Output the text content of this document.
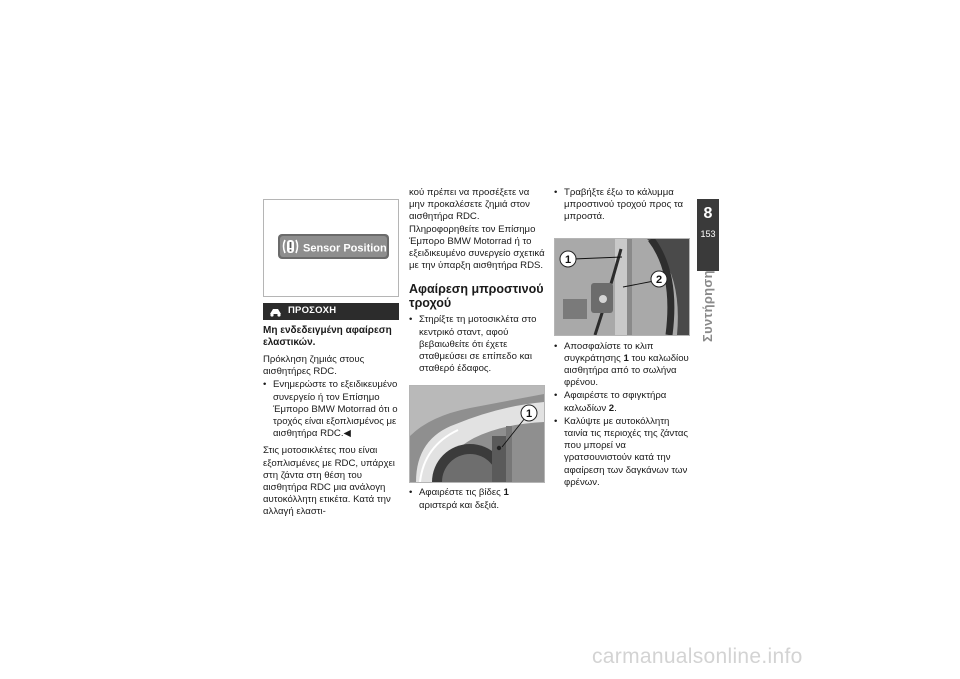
Sensor Position
ΠΡΟΣΟΧΗ

Μη ενδεδειγμένη αφαίρεση ελαστικών.

Πρόκληση ζημιάς στους αισθητήρες RDC.

• Ενημερώστε το εξειδικευμένο συνεργείο ή τον Επίσημο Έμπορο BMW Motorrad ότι ο τροχός είναι εξοπλισμένος με αισθητήρα RDC.◀

Στις μοτοσικλέτες που είναι εξοπλισμένες με RDC, υπάρχει στη ζάντα στη θέση του αισθητήρα RDC μια ανάλογη αυτοκόλλητη ετικέτα. Κατά την αλλαγή ελαστι-

κού πρέπει να προσέξετε να μην προκαλέσετε ζημιά στον αισθητήρα RDC. Πληροφορηθείτε τον Επίσημο Έμπορο BMW Motorrad ή το εξειδικευμένο συνεργείο σχετικά με την ύπαρξη αισθητήρα RDS.

Αφαίρεση μπροστινού τροχού
• Στηρίξτε τη μοτοσικλέτα στο κεντρικό σταντ, αφού βεβαιωθείτε ότι έχετε σταθμεύσει σε επίπεδο και σταθερό έδαφος.
1
• Αφαιρέστε τις βίδες 1 αριστερά και δεξιά.
• Τραβήξτε έξω το κάλυμμα μπροστινού τροχού προς τα μπροστά.
1
2
• Αποσφαλίστε το κλιπ συγκράτησης 1 του καλωδίου αισθητήρα από το σωλήνα φρένου.
• Αφαιρέστε το σφιγκτήρα καλωδίων 2.
• Καλύψτε με αυτοκόλλητη ταινία τις περιοχές της ζάντας που μπορεί να γρατσουνιστούν κατά την αφαίρεση των δαγκάνων των φρένων.
8
153
Συντήρηση
carmanualsonline.info
